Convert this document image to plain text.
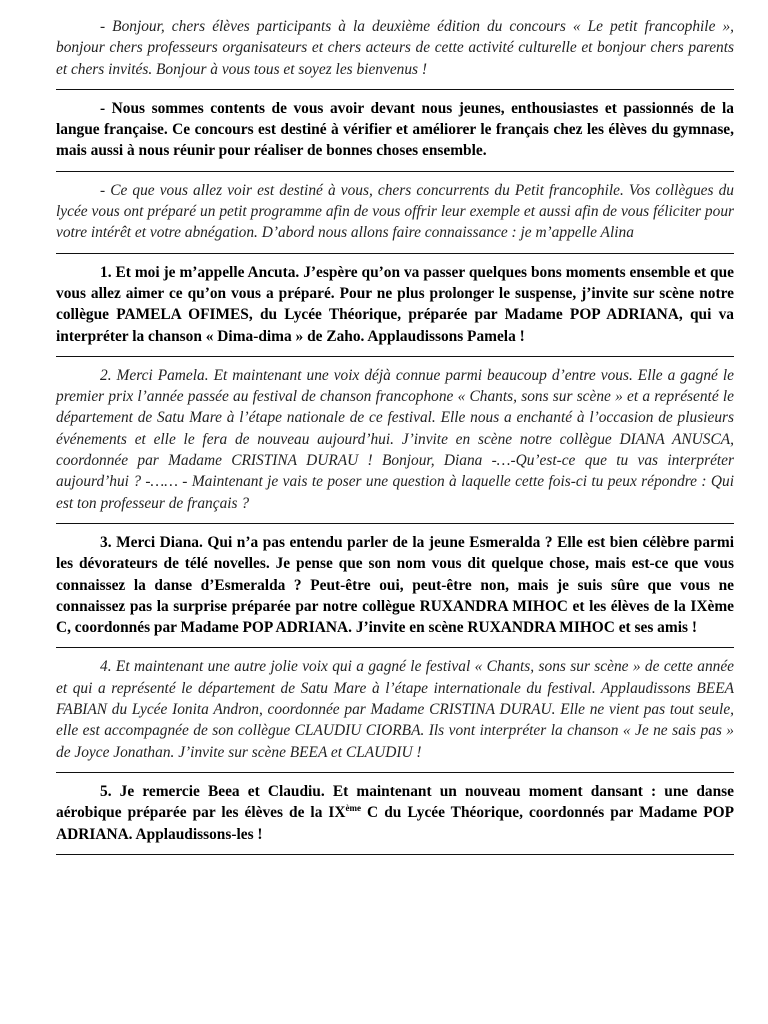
- Bonjour, chers élèves participants à la deuxième édition du concours « Le petit francophile », bonjour chers professeurs organisateurs et chers acteurs de cette activité culturelle et bonjour chers parents et chers invités. Bonjour à vous tous et soyez les bienvenus !

- Nous sommes contents de vous avoir devant nous jeunes, enthousiastes et passionnés de la langue française. Ce concours est destiné à vérifier et améliorer le français chez les élèves du gymnase, mais aussi à nous réunir pour réaliser de bonnes choses ensemble.

- Ce que vous allez voir est destiné à vous, chers concurrents du Petit francophile. Vos collègues du lycée vous ont préparé un petit programme afin de vous offrir leur exemple et aussi afin de vous féliciter pour votre intérêt et votre abnégation. D’abord nous allons faire connaissance : je m’appelle Alina

1. Et moi je m’appelle Ancuta. J’espère qu’on va passer quelques bons moments ensemble et que vous allez aimer ce qu’on vous a préparé. Pour ne plus prolonger le suspense, j’invite sur scène notre collègue PAMELA OFIMES, du Lycée Théorique, préparée par Madame POP ADRIANA, qui va interpréter la chanson « Dima-dima » de Zaho. Applaudissons Pamela !

2. Merci Pamela. Et maintenant une voix déjà connue parmi beaucoup d’entre vous. Elle a gagné le premier prix l’année passée au festival de chanson francophone « Chants, sons sur scène » et a représenté le département de Satu Mare à l’étape nationale de ce festival. Elle nous a enchanté à l’occasion de plusieurs événements et elle le fera de nouveau aujourd’hui. J’invite en scène notre collègue DIANA ANUSCA, coordonnée par Madame CRISTINA DURAU ! Bonjour, Diana -…-Qu’est-ce que tu vas interpréter aujourd’hui ? -…… - Maintenant je vais te poser une question à laquelle cette fois-ci tu peux répondre : Qui est ton professeur de français ?

3. Merci Diana. Qui n’a pas entendu parler de la jeune Esmeralda ? Elle est bien célèbre parmi les dévorateurs de télé novelles. Je pense que son nom vous dit quelque chose, mais est-ce que vous connaissez la danse d’Esmeralda ? Peut-être oui, peut-être non, mais je suis sûre que vous ne connaissez pas la surprise préparée par notre collègue RUXANDRA MIHOC et les élèves de la IXème C, coordonnés par Madame POP ADRIANA. J’invite en scène RUXANDRA MIHOC et ses amis !

4. Et maintenant une autre jolie voix qui a gagné le festival « Chants, sons sur scène » de cette année et qui a représenté le département de Satu Mare à l’étape internationale du festival. Applaudissons BEEA FABIAN du Lycée Ionita Andron, coordonnée par Madame CRISTINA DURAU. Elle ne vient pas tout seule, elle est accompagnée de son collègue CLAUDIU CIORBA. Ils vont interpréter la chanson « Je ne sais pas » de Joyce Jonathan. J’invite sur scène BEEA et CLAUDIU !

5. Je remercie Beea et Claudiu. Et maintenant un nouveau moment dansant : une danse aérobique préparée par les élèves de la IXème C du Lycée Théorique, coordonnés par Madame POP ADRIANA. Applaudissons-les !
